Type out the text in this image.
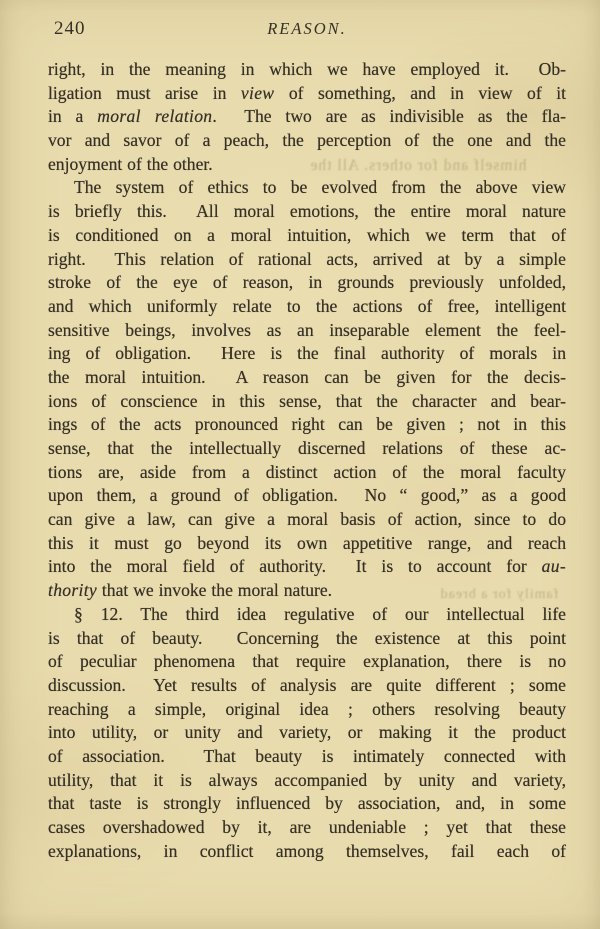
240	REASON.
himself and for others. All the
family for a bread
right, in the meaning in which we have employed it.  Ob-
ligation must arise in view of something, and in view of it
in a moral relation.  The two are as indivisible as the fla-
vor and savor of a peach, the perception of the one and the
enjoyment of the other.
The system of ethics to be evolved from the above view
is briefly this.  All moral emotions, the entire moral nature
is conditioned on a moral intuition, which we term that of
right.  This relation of rational acts, arrived at by a simple
stroke of the eye of reason, in grounds previously unfolded,
and which uniformly relate to the actions of free, intelligent
sensitive beings, involves as an inseparable element the feel-
ing of obligation.  Here is the final authority of morals in
the moral intuition.  A reason can be given for the decis-
ions of conscience in this sense, that the character and bear-
ings of the acts pronounced right can be given ; not in this
sense, that the intellectually discerned relations of these ac-
tions are, aside from a distinct action of the moral faculty
upon them, a ground of obligation.  No “ good,” as a good
can give a law, can give a moral basis of action, since to do
this it must go beyond its own appetitive range, and reach
into the moral field of authority.  It is to account for au-
thority that we invoke the moral nature.
§ 12. The third idea regulative of our intellectual life
is that of beauty.  Concerning the existence at this point
of peculiar phenomena that require explanation, there is no
discussion.  Yet results of analysis are quite different ; some
reaching a simple, original idea ; others resolving beauty
into utility, or unity and variety, or making it the product
of association.  That beauty is intimately connected with
utility, that it is always accompanied by unity and variety,
that taste is strongly influenced by association, and, in some
cases overshadowed by it, are undeniable ; yet that these
explanations, in conflict among themselves, fail each of
